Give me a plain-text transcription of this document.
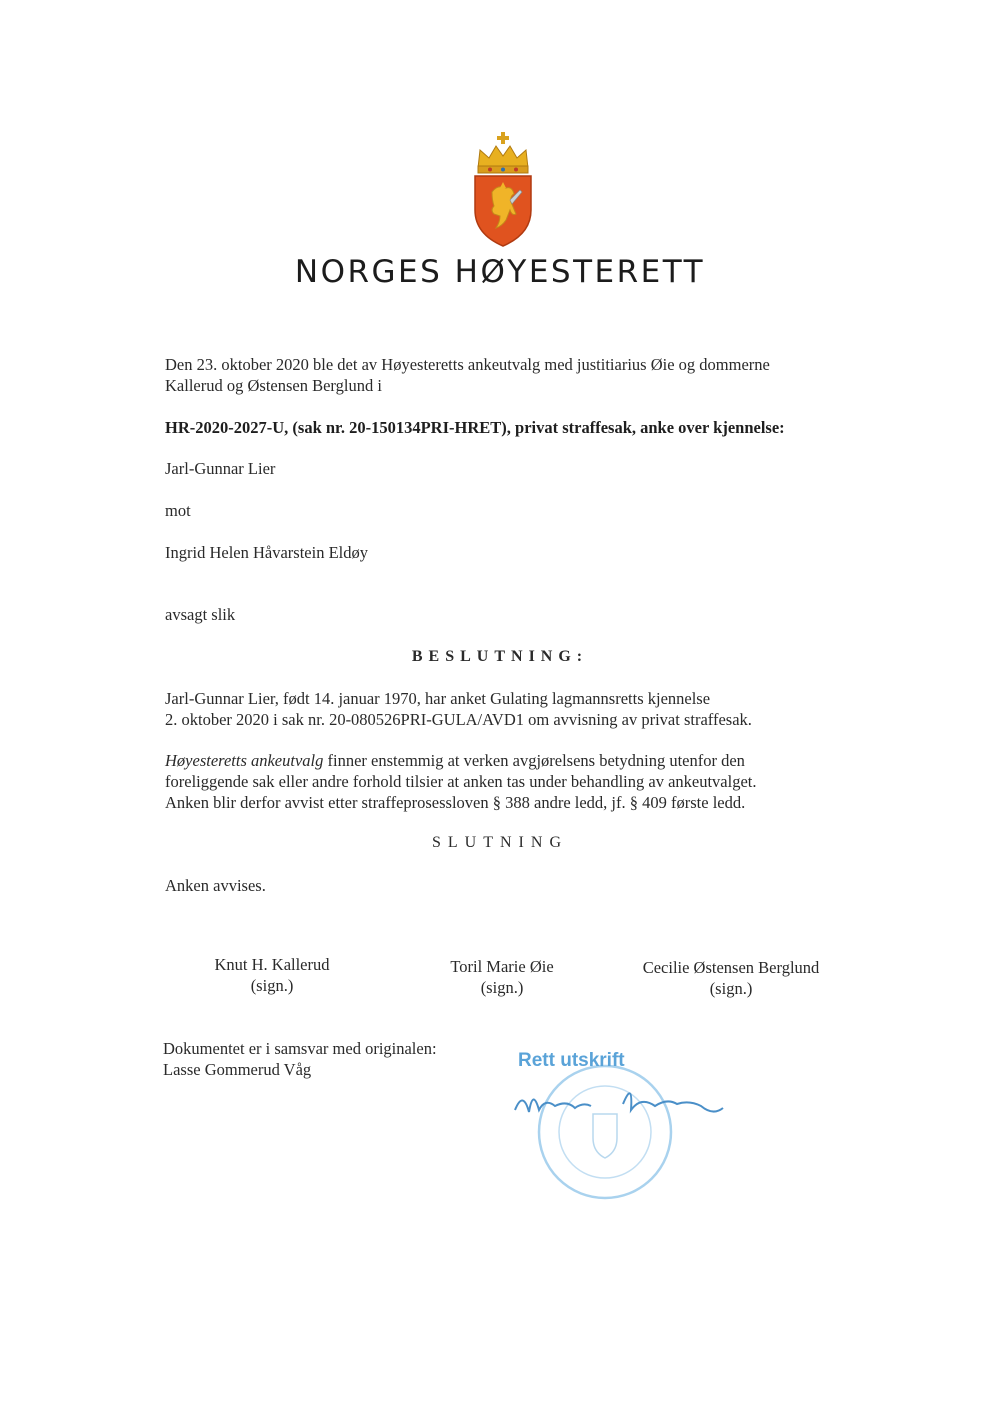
NORGES HØYESTERETT
Den 23. oktober 2020 ble det av Høyesteretts ankeutvalg med justitiarius Øie og dommerne
Kallerud og Østensen Berglund i
HR-2020-2027-U, (sak nr. 20-150134PRI-HRET), privat straffesak, anke over kjennelse:
Jarl-Gunnar Lier
mot
Ingrid Helen Håvarstein Eldøy
avsagt slik
BESLUTNING:
Jarl-Gunnar Lier, født 14. januar 1970, har anket Gulating lagmannsretts kjennelse
2. oktober 2020 i sak nr. 20-080526PRI-GULA/AVD1 om avvisning av privat straffesak.
Høyesteretts ankeutvalg finner enstemmig at verken avgjørelsens betydning utenfor den
foreliggende sak eller andre forhold tilsier at anken tas under behandling av ankeutvalget.
Anken blir derfor avvist etter straffeprosessloven § 388 andre ledd, jf. § 409 første ledd.
SLUTNING
Anken avvises.
Knut H. Kallerud
(sign.)
Toril Marie Øie
(sign.)
Cecilie Østensen Berglund
(sign.)
Dokumentet er i samsvar med originalen:
Lasse Gommerud Våg	Rett utskrift
